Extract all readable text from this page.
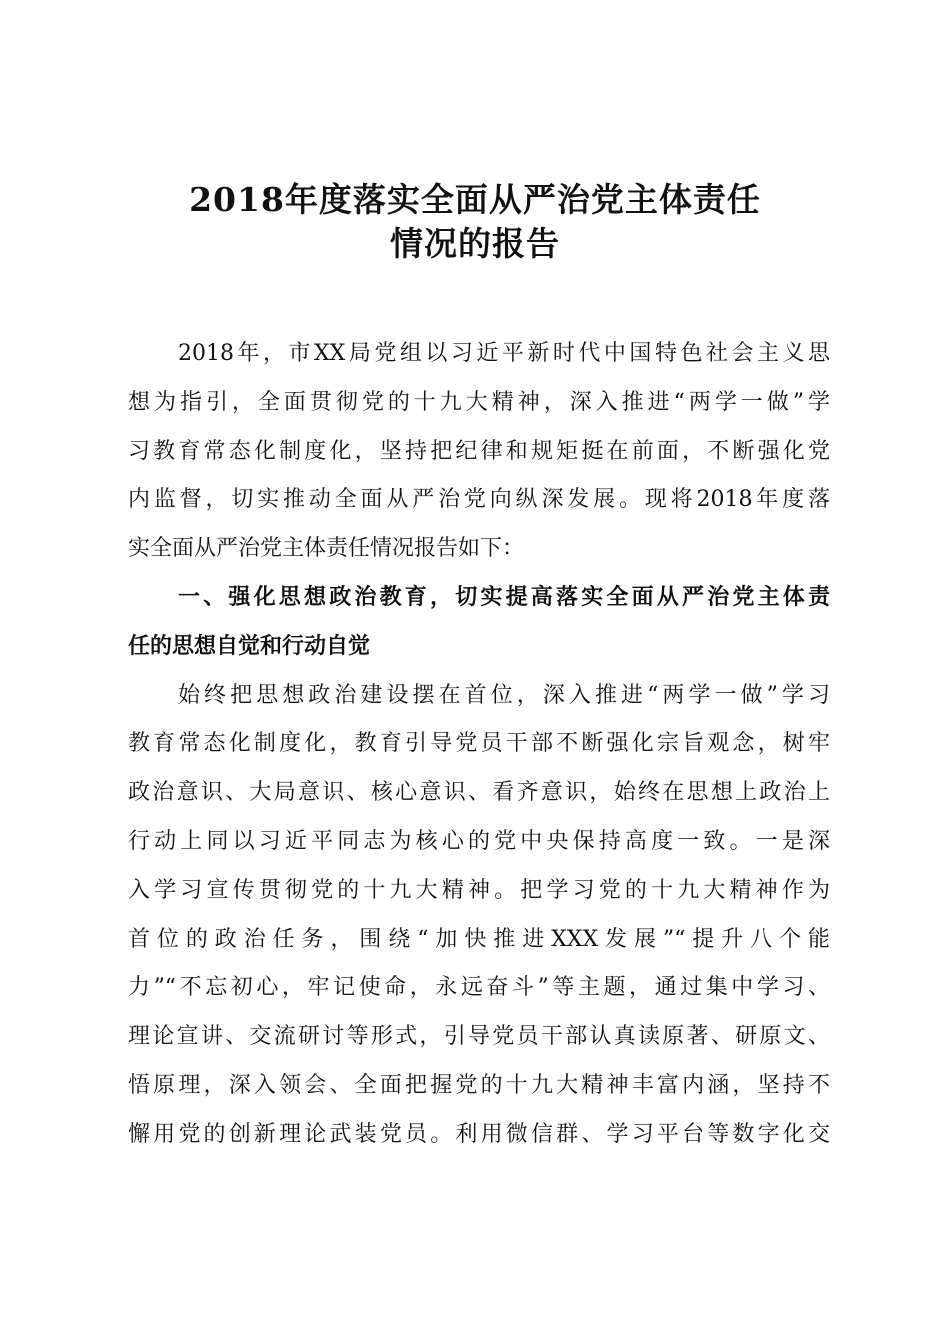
2018年度落实全面从严治党主体责任
情况的报告
2018年，市XX局党组以习近平新时代中国特色社会主义思
想为指引，全面贯彻党的十九大精神，深入推进“两学一做”学
习教育常态化制度化，坚持把纪律和规矩挺在前面，不断强化党
内监督，切实推动全面从严治党向纵深发展。现将2018年度落
实全面从严治党主体责任情况报告如下：
一、强化思想政治教育，切实提高落实全面从严治党主体责
任的思想自觉和行动自觉
始终把思想政治建设摆在首位，深入推进“两学一做”学习
教育常态化制度化，教育引导党员干部不断强化宗旨观念，树牢
政治意识、大局意识、核心意识、看齐意识，始终在思想上政治上
行动上同以习近平同志为核心的党中央保持高度一致。一是深
入学习宣传贯彻党的十九大精神。把学习党的十九大精神作为
首位的政治任务，围绕“加快推进XXX发展”“提升八个能
力”“不忘初心，牢记使命，永远奋斗”等主题，通过集中学习、
理论宣讲、交流研讨等形式，引导党员干部认真读原著、研原文、
悟原理，深入领会、全面把握党的十九大精神丰富内涵，坚持不
懈用党的创新理论武装党员。利用微信群、学习平台等数字化交
